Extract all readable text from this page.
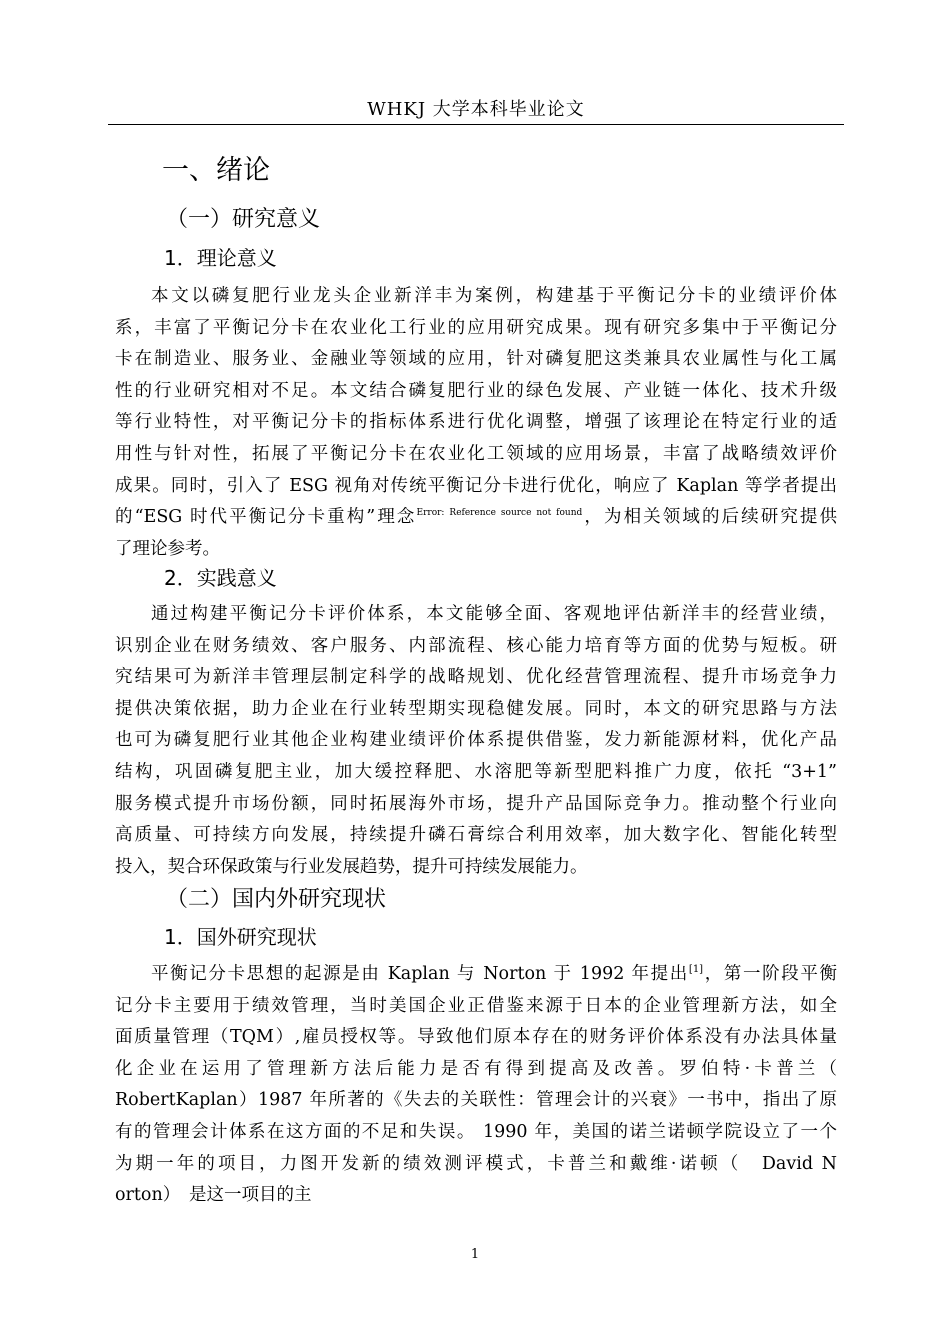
WHKJ 大学本科毕业论文
一、绪论
（一）研究意义
1．理论意义
本文以磷复肥行业龙头企业新洋丰为案例，构建基于平衡记分卡的业绩评价体
系，丰富了平衡记分卡在农业化工行业的应用研究成果。现有研究多集中于平衡记分
卡在制造业、服务业、金融业等领域的应用，针对磷复肥这类兼具农业属性与化工属
性的行业研究相对不足。本文结合磷复肥行业的绿色发展、产业链一体化、技术升级
等行业特性，对平衡记分卡的指标体系进行优化调整，增强了该理论在特定行业的适
用性与针对性，拓展了平衡记分卡在农业化工领域的应用场景，丰富了战略绩效评价
成果。同时，引入了 ESG 视角对传统平衡记分卡进行优化，响应了 Kaplan 等学者提出
的“ESG 时代平衡记分卡重构”理念$^{Error: Reference source not found}$，为相关领域的后续研究提供
了理论参考。
2．实践意义
通过构建平衡记分卡评价体系，本文能够全面、客观地评估新洋丰的经营业绩，
识别企业在财务绩效、客户服务、内部流程、核心能力培育等方面的优势与短板。研
究结果可为新洋丰管理层制定科学的战略规划、优化经营管理流程、提升市场竞争力
提供决策依据，助力企业在行业转型期实现稳健发展。同时，本文的研究思路与方法
也可为磷复肥行业其他企业构建业绩评价体系提供借鉴，发力新能源材料，优化产品
结构，巩固磷复肥主业，加大缓控释肥、水溶肥等新型肥料推广力度，依托 “3+1”
服务模式提升市场份额，同时拓展海外市场，提升产品国际竞争力。推动整个行业向
高质量、可持续方向发展，持续提升磷石膏综合利用效率，加大数字化、智能化转型
投入，契合环保政策与行业发展趋势，提升可持续发展能力。
（二）国内外研究现状
1．国外研究现状
平衡记分卡思想的起源是由 Kaplan 与 Norton 于 1992 年提出[1]，第一阶段平衡
记分卡主要用于绩效管理，当时美国企业正借鉴来源于日本的企业管理新方法，如全
面质量管理（TQM）,雇员授权等。导致他们原本存在的财务评价体系没有办法具体量
化企业在运用了管理新方法后能力是否有得到提高及改善。罗伯特·卡普兰（
RobertKaplan）1987 年所著的《失去的关联性：管理会计的兴衰》一书中，指出了原
有的管理会计体系在这方面的不足和失误。 1990 年，美国的诺兰诺顿学院设立了一个
为期一年的项目，力图开发新的绩效测评模式，卡普兰和戴维·诺顿（　David N
orton）　是这一项目的主
1
